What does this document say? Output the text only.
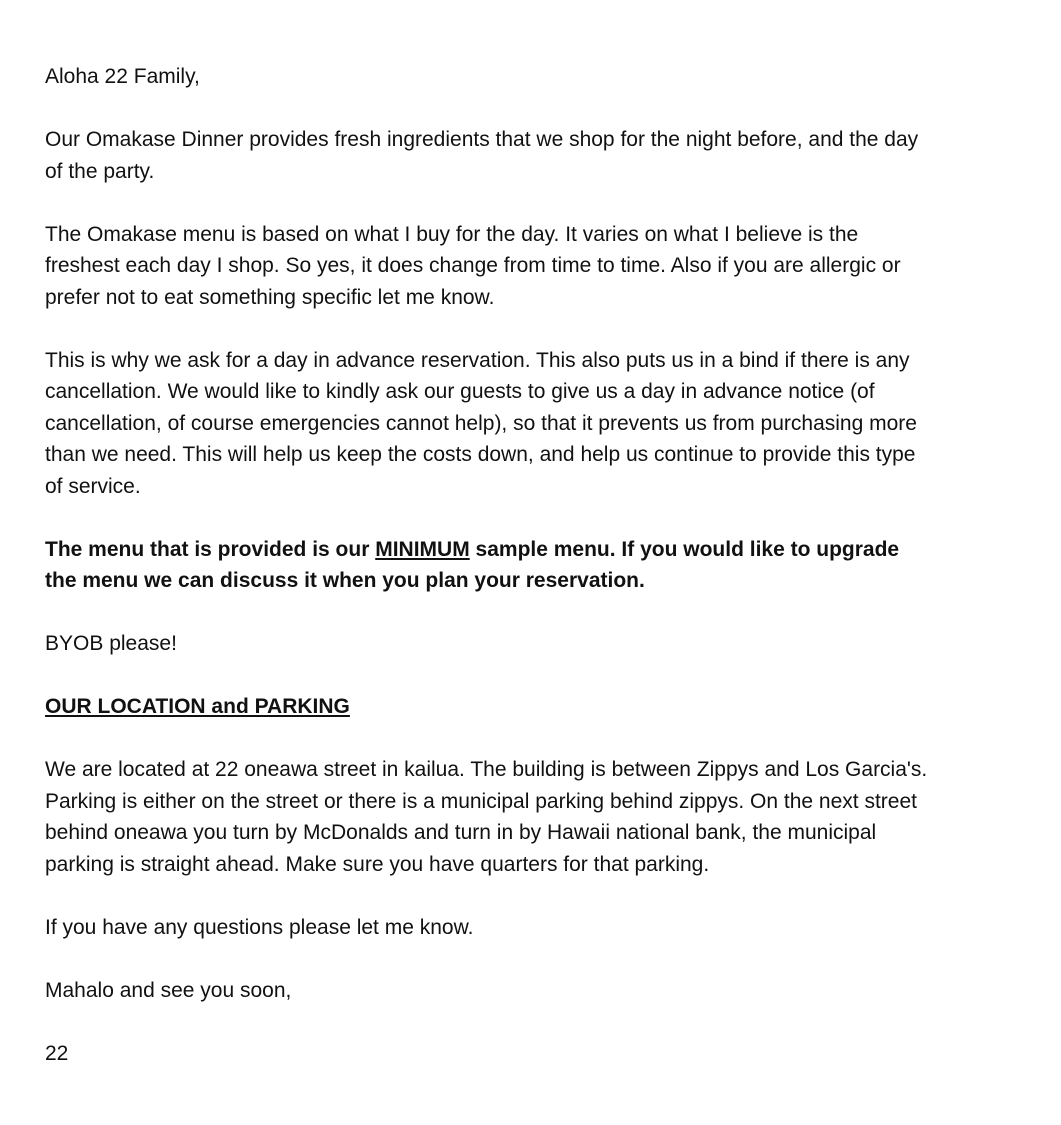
Aloha 22 Family,

Our Omakase Dinner provides fresh ingredients that we shop for the night before, and the day
of the party.

The Omakase menu is based on what I buy for the day. It varies on what I believe is the
freshest each day I shop. So yes, it does change from time to time. Also if you are allergic or
prefer not to eat something specific let me know.

This is why we ask for a day in advance reservation. This also puts us in a bind if there is any
cancellation. We would like to kindly ask our guests to give us a day in advance notice (of
cancellation, of course emergencies cannot help), so that it prevents us from purchasing more
than we need. This will help us keep the costs down, and help us continue to provide this type
of service.

The menu that is provided is our MINIMUM sample menu. If you would like to upgrade
the menu we can discuss it when you plan your reservation.

BYOB please!

OUR LOCATION and PARKING

We are located at 22 oneawa street in kailua. The building is between Zippys and Los Garcia's.
Parking is either on the street or there is a municipal parking behind zippys. On the next street
behind oneawa you turn by McDonalds and turn in by Hawaii national bank, the municipal
parking is straight ahead. Make sure you have quarters for that parking.

If you have any questions please let me know.

Mahalo and see you soon,

22
